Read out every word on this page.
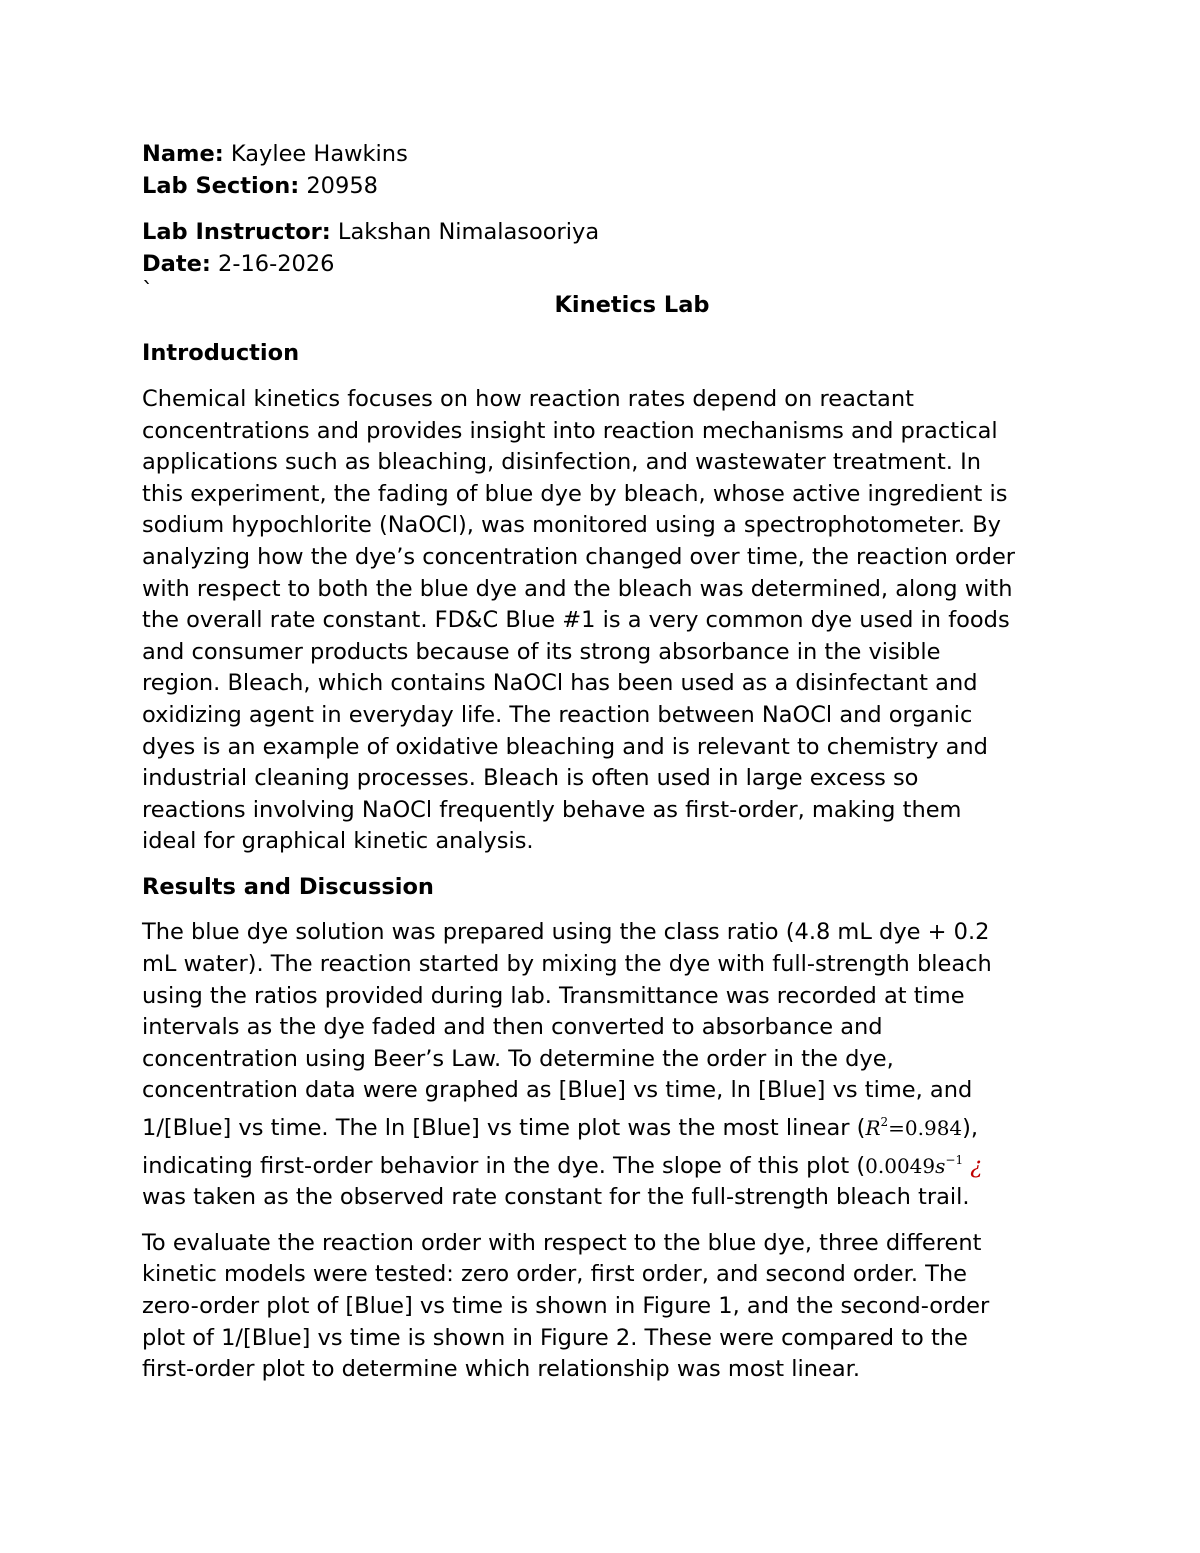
Name: Kaylee Hawkins

Lab Section: 20958

Lab Instructor: Lakshan Nimalasooriya

Date: 2-16-2026

`

Kinetics Lab

Introduction
Chemical kinetics focuses on how reaction rates depend on reactant
concentrations and provides insight into reaction mechanisms and practical
applications such as bleaching, disinfection, and wastewater treatment. In
this experiment, the fading of blue dye by bleach, whose active ingredient is
sodium hypochlorite (NaOCl), was monitored using a spectrophotometer. By
analyzing how the dye’s concentration changed over time, the reaction order
with respect to both the blue dye and the bleach was determined, along with
the overall rate constant. FD&C Blue #1 is a very common dye used in foods
and consumer products because of its strong absorbance in the visible
region. Bleach, which contains NaOCl has been used as a disinfectant and
oxidizing agent in everyday life. The reaction between NaOCl and organic
dyes is an example of oxidative bleaching and is relevant to chemistry and
industrial cleaning processes. Bleach is often used in large excess so
reactions involving NaOCl frequently behave as first-order, making them
ideal for graphical kinetic analysis.
Results and Discussion
The blue dye solution was prepared using the class ratio (4.8 mL dye + 0.2
mL water). The reaction started by mixing the dye with full-strength bleach
using the ratios provided during lab. Transmittance was recorded at time
intervals as the dye faded and then converted to absorbance and
concentration using Beer’s Law. To determine the order in the dye,
concentration data were graphed as [Blue] vs time, ln [Blue] vs time, and
1/[Blue] vs time. The ln [Blue] vs time plot was the most linear $(R^2=0.984)$,
indicating first-order behavior in the dye. The slope of this plot ($0.0049s^{-1}$ ¿
was taken as the observed rate constant for the full-strength bleach trail.
To evaluate the reaction order with respect to the blue dye, three different
kinetic models were tested: zero order, first order, and second order. The
zero-order plot of [Blue] vs time is shown in Figure 1, and the second-order
plot of 1/[Blue] vs time is shown in Figure 2. These were compared to the
first-order plot to determine which relationship was most linear.
